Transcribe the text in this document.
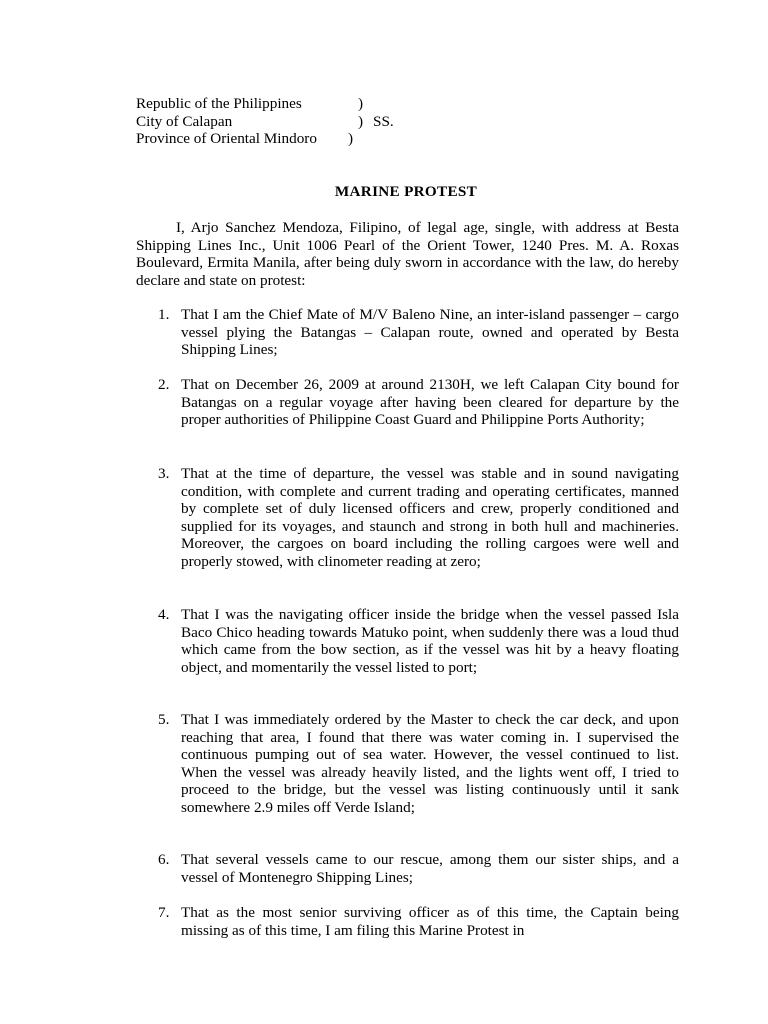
Republic of the Philippines	)
City of Calapan	) SS.
Province of Oriental Mindoro )
MARINE PROTEST

I, Arjo Sanchez Mendoza, Filipino, of legal age, single, with address at Besta Shipping Lines Inc., Unit 1006 Pearl of the Orient Tower, 1240 Pres. M. A. Roxas Boulevard, Ermita Manila, after being duly sworn in accordance with the law, do hereby declare and state on protest:

1. That I am the Chief Mate of M/V Baleno Nine, an inter-island passenger – cargo vessel plying the Batangas – Calapan route, owned and operated by Besta Shipping Lines;
2. That on December 26, 2009 at around 2130H, we left Calapan City bound for Batangas on a regular voyage after having been cleared for departure by the proper authorities of Philippine Coast Guard and Philippine Ports Authority;
3. That at the time of departure, the vessel was stable and in sound navigating condition, with complete and current trading and operating certificates, manned by complete set of duly licensed officers and crew, properly conditioned and supplied for its voyages, and staunch and strong in both hull and machineries. Moreover, the cargoes on board including the rolling cargoes were well and properly stowed, with clinometer reading at zero;
4. That I was the navigating officer inside the bridge when the vessel passed Isla Baco Chico heading towards Matuko point, when suddenly there was a loud thud which came from the bow section, as if the vessel was hit by a heavy floating object, and momentarily the vessel listed to port;
5. That I was immediately ordered by the Master to check the car deck, and upon reaching that area, I found that there was water coming in. I supervised the continuous pumping out of sea water. However, the vessel continued to list. When the vessel was already heavily listed, and the lights went off, I tried to proceed to the bridge, but the vessel was listing continuously until it sank somewhere 2.9 miles off Verde Island;
6. That several vessels came to our rescue, among them our sister ships, and a vessel of Montenegro Shipping Lines;
7. That as the most senior surviving officer as of this time, the Captain being missing as of this time, I am filing this Marine Protest in
